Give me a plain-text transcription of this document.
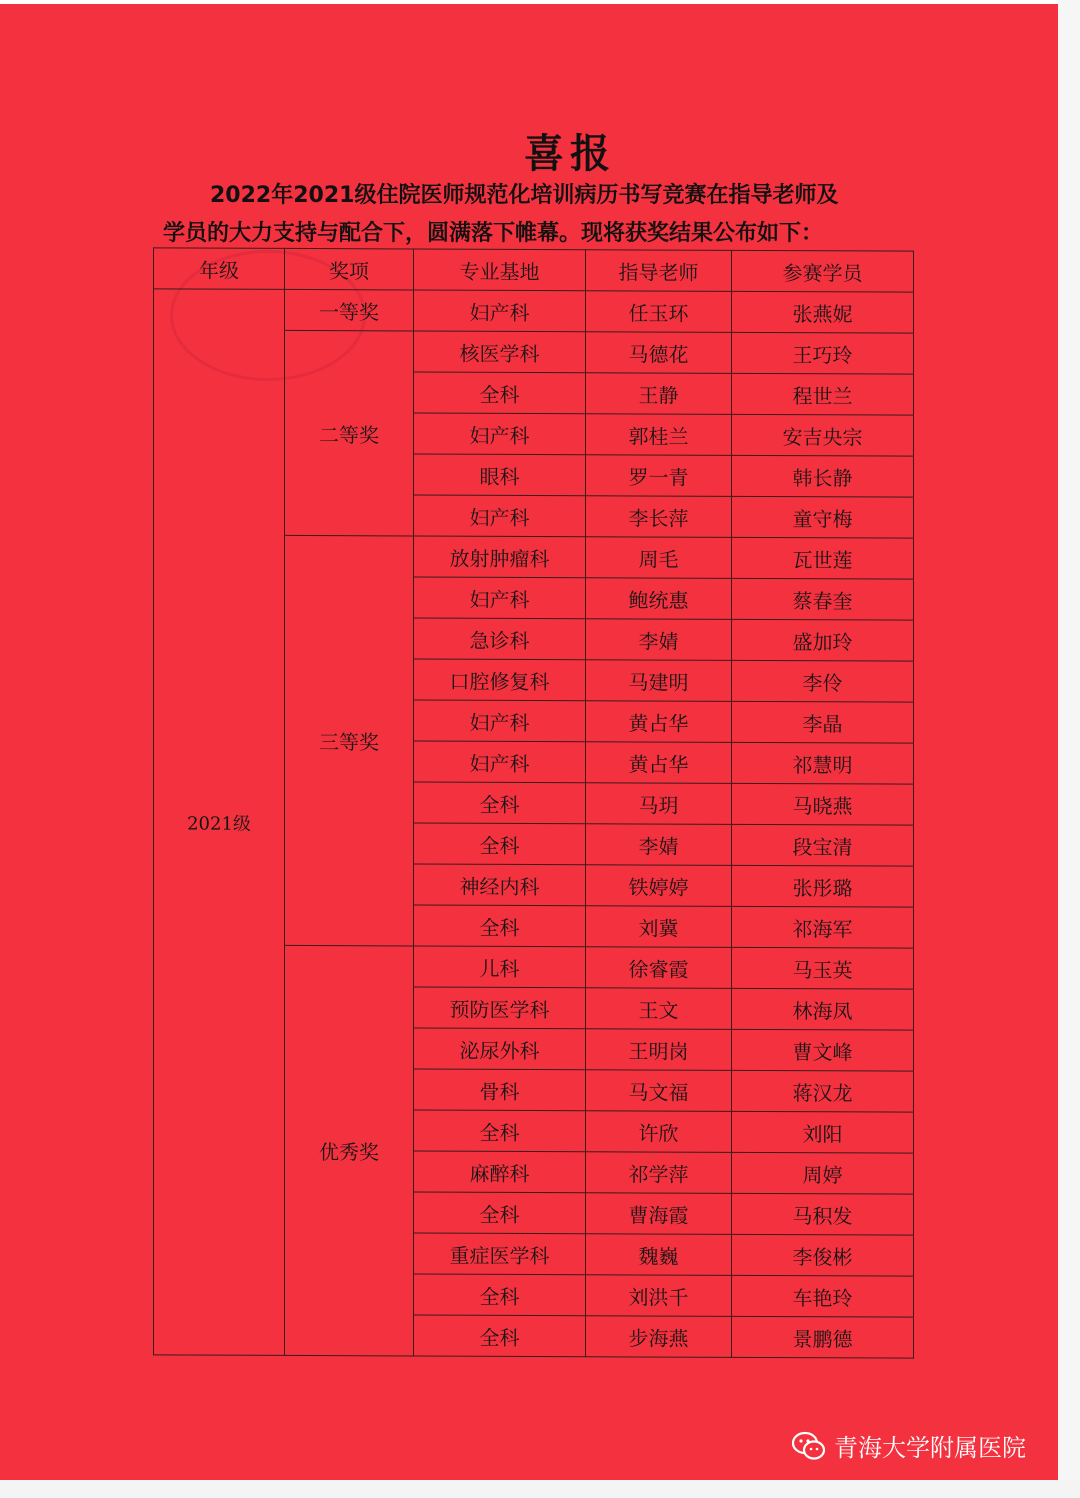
喜报
2022年2021级住院医师规范化培训病历书写竞赛在指导老师及
学员的大力支持与配合下，圆满落下帷幕。现将获奖结果公布如下：
年级	奖项	专业基地	指导老师	参赛学员
2021级	一等奖	妇产科	任玉环	张燕妮
	二等奖	核医学科	马德花	王巧玲
		全科	王静	程世兰
		妇产科	郭桂兰	安吉央宗
		眼科	罗一青	韩长静
		妇产科	李长萍	童守梅
	三等奖	放射肿瘤科	周毛	瓦世莲
		妇产科	鲍统惠	蔡春奎
		急诊科	李婧	盛加玲
		口腔修复科	马建明	李伶
		妇产科	黄占华	李晶
		妇产科	黄占华	祁慧明
		全科	马玥	马晓燕
		全科	李婧	段宝清
		神经内科	铁婷婷	张彤璐
		全科	刘冀	祁海军
	优秀奖	儿科	徐睿霞	马玉英
		预防医学科	王文	林海凤
		泌尿外科	王明岗	曹文峰
		骨科	马文福	蒋汉龙
		全科	许欣	刘阳
		麻醉科	祁学萍	周婷
		全科	曹海霞	马积发
		重症医学科	魏巍	李俊彬
		全科	刘洪千	车艳玲
		全科	步海燕	景鹏德
青海大学附属医院
